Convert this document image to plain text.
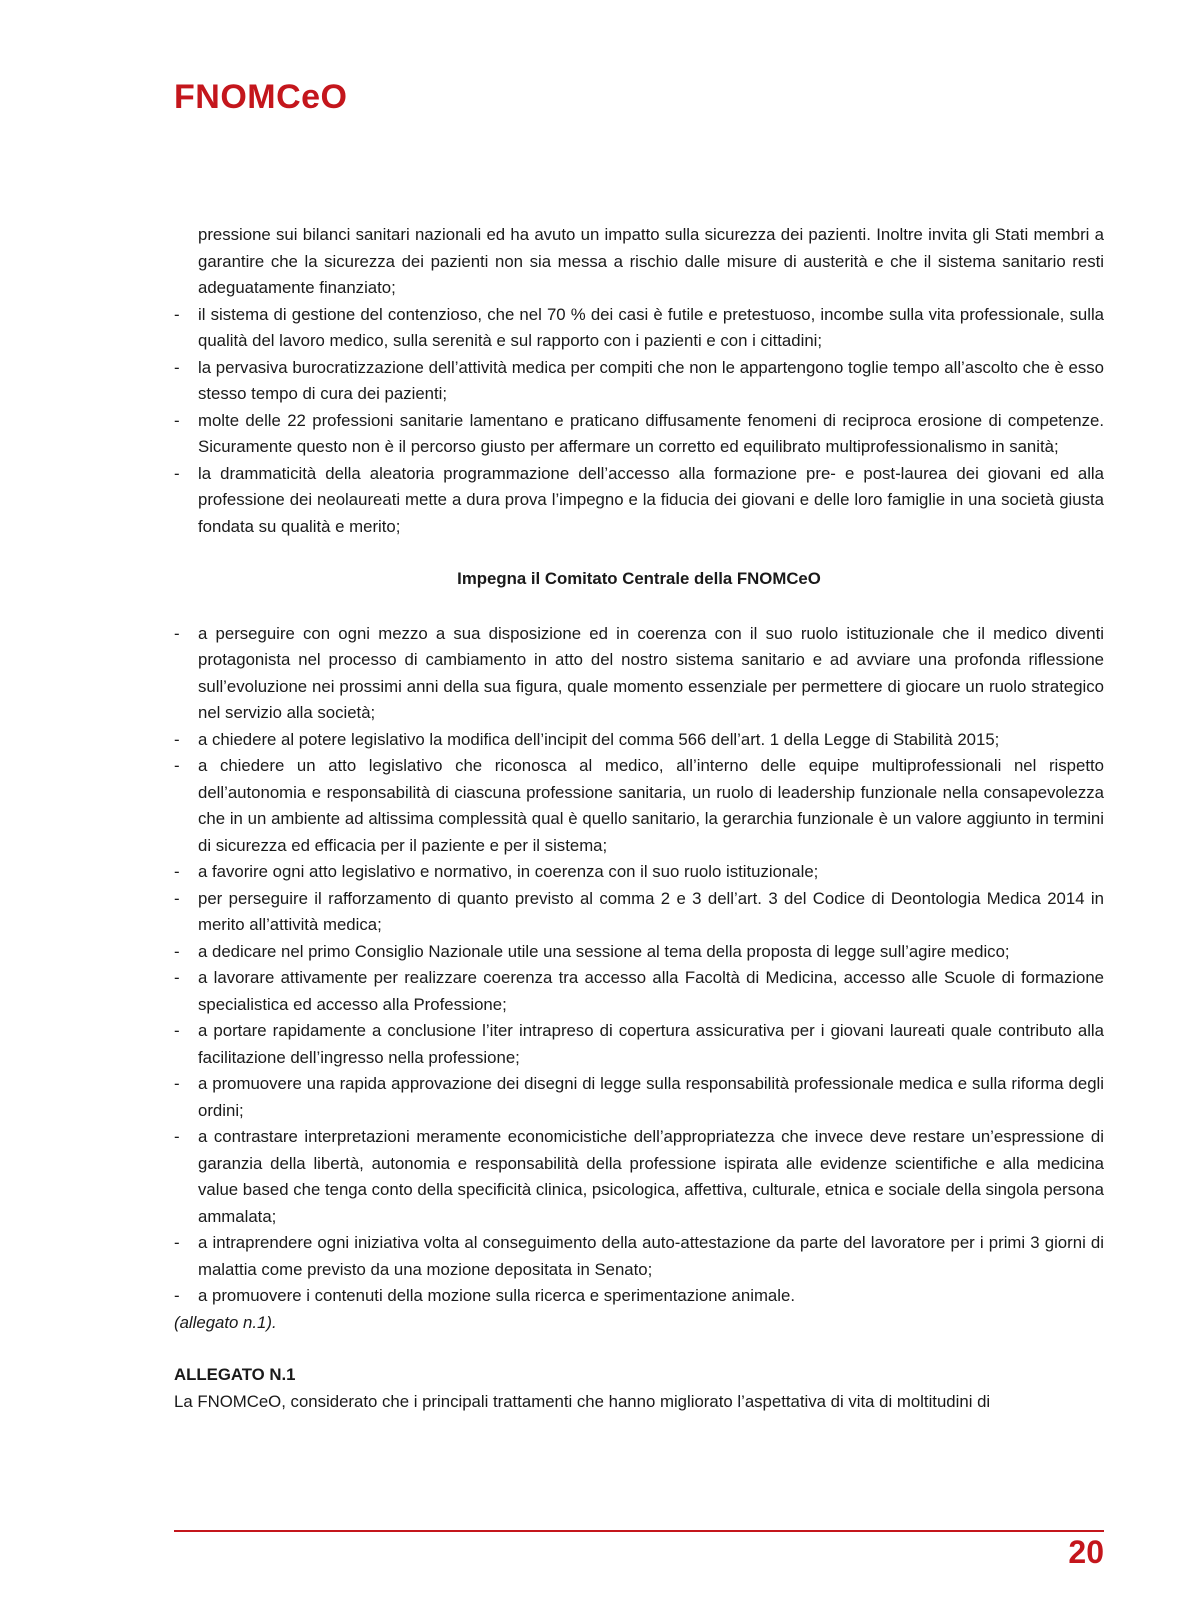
FNOMCeO
pressione sui bilanci sanitari nazionali ed ha avuto un impatto sulla sicurezza dei pazienti. Inoltre invita gli Stati membri a garantire che la sicurezza dei pazienti non sia messa a rischio dalle misure di austerità e che il sistema sanitario resti adeguatamente finanziato;
- il sistema di gestione del contenzioso, che nel 70 % dei casi è futile e pretestuoso, incombe sulla vita professionale, sulla qualità del lavoro medico, sulla serenità e sul rapporto con i pazienti e con i cittadini;
- la pervasiva burocratizzazione dell’attività medica per compiti che non le appartengono toglie tempo all’ascolto che è esso stesso tempo di cura dei pazienti;
- molte delle 22 professioni sanitarie lamentano e praticano diffusamente fenomeni di reciproca erosione di competenze. Sicuramente questo non è il percorso giusto per affermare un corretto ed equilibrato multiprofessionalismo in sanità;
- la drammaticità della aleatoria programmazione dell’accesso alla formazione pre- e post-laurea dei giovani ed alla professione dei neolaureati mette a dura prova l’impegno e la fiducia dei giovani e delle loro famiglie in una società giusta fondata su qualità e merito;
Impegna il Comitato Centrale della FNOMCeO
- a perseguire con ogni mezzo a sua disposizione ed in coerenza con il suo ruolo istituzionale che il medico diventi protagonista nel processo di cambiamento in atto del nostro sistema sanitario e ad avviare una profonda riflessione sull’evoluzione nei prossimi anni della sua figura, quale momento essenziale per permettere di giocare un ruolo strategico nel servizio alla società;
- a chiedere al potere legislativo la modifica dell’incipit del comma 566 dell’art. 1 della Legge di Stabilità 2015;
- a chiedere un atto legislativo che riconosca al medico, all’interno delle equipe multiprofessionali nel rispetto dell’autonomia e responsabilità di ciascuna professione sanitaria, un ruolo di leadership funzionale nella consapevolezza che in un ambiente ad altissima complessità qual è quello sanitario, la gerarchia funzionale è un valore aggiunto in termini di sicurezza ed efficacia per il paziente e per il sistema;
- a favorire ogni atto legislativo e normativo, in coerenza con il suo ruolo istituzionale;
- per perseguire il rafforzamento di quanto previsto al comma 2 e 3 dell’art. 3 del Codice di Deontologia Medica 2014 in merito all’attività medica;
- a dedicare nel primo Consiglio Nazionale utile una sessione al tema della proposta di legge sull’agire medico;
- a lavorare attivamente per realizzare coerenza tra accesso alla Facoltà di Medicina, accesso alle Scuole di formazione specialistica ed accesso alla Professione;
- a portare rapidamente a conclusione l’iter intrapreso di copertura assicurativa per i giovani laureati quale contributo alla facilitazione dell’ingresso nella professione;
- a promuovere una rapida approvazione dei disegni di legge sulla responsabilità professionale medica e sulla riforma degli ordini;
- a contrastare interpretazioni meramente economicistiche dell’appropriatezza che invece deve restare un’espressione di garanzia della libertà, autonomia e responsabilità della professione ispirata alle evidenze scientifiche e alla medicina value based che tenga conto della specificità clinica, psicologica, affettiva, culturale, etnica e sociale della singola persona ammalata;
- a intraprendere ogni iniziativa volta al conseguimento della auto-attestazione da parte del lavoratore per i primi 3 giorni di malattia come previsto da una mozione depositata in Senato;
- a promuovere i contenuti della mozione sulla ricerca e sperimentazione animale.
(allegato n.1).
ALLEGATO N.1
La FNOMCeO, considerato che i principali trattamenti che hanno migliorato l’aspettativa di vita di moltitudini di
20
